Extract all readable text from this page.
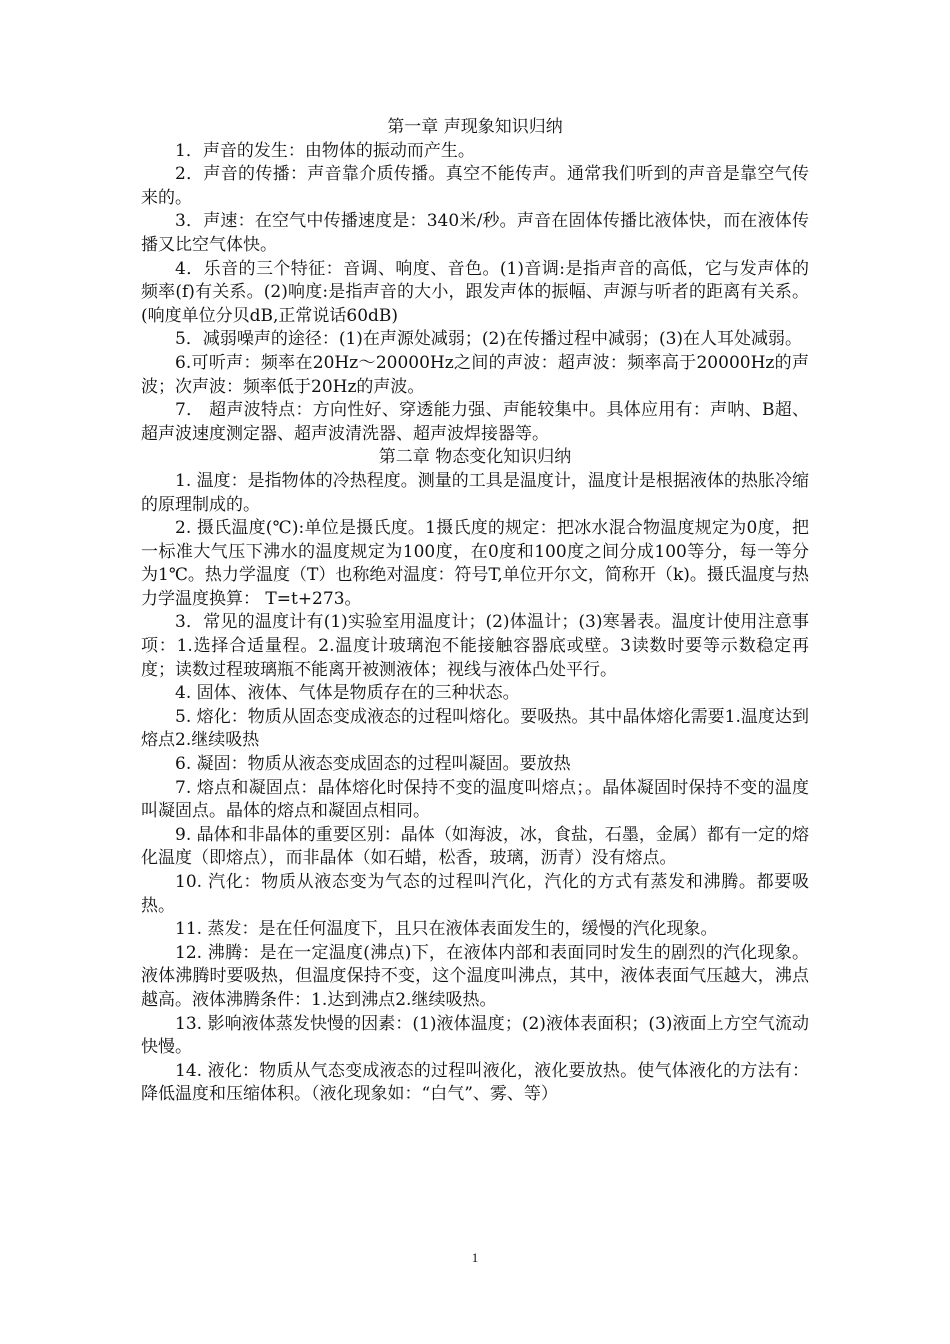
第一章 声现象知识归纳

1．声音的发生：由物体的振动而产生。

2．声音的传播：声音靠介质传播。真空不能传声。通常我们听到的声音是靠空气传来的。

3．声速：在空气中传播速度是：340米/秒。声音在固体传播比液体快，而在液体传播又比空气体快。

4．乐音的三个特征：音调、响度、音色。(1)音调:是指声音的高低，它与发声体的频率(f)有关系。(2)响度:是指声音的大小，跟发声体的振幅、声源与听者的距离有关系。(响度单位分贝dB,正常说话60dB)

5．减弱噪声的途径：(1)在声源处减弱；(2)在传播过程中减弱；(3)在人耳处减弱。

6.可听声：频率在20Hz～20000Hz之间的声波：超声波：频率高于20000Hz的声波；次声波：频率低于20Hz的声波。

7． 超声波特点：方向性好、穿透能力强、声能较集中。具体应用有：声呐、B超、超声波速度测定器、超声波清洗器、超声波焊接器等。

第二章 物态变化知识归纳

1. 温度：是指物体的冷热程度。测量的工具是温度计，温度计是根据液体的热胀冷缩的原理制成的。

2. 摄氏温度(℃):单位是摄氏度。1摄氏度的规定：把冰水混合物温度规定为0度，把一标准大气压下沸水的温度规定为100度，在0度和100度之间分成100等分，每一等分为1℃。热力学温度（T）也称绝对温度：符号T,单位开尔文，简称开（k)。摄氏温度与热力学温度换算： T=t+273。

3．常见的温度计有(1)实验室用温度计；(2)体温计；(3)寒暑表。温度计使用注意事项：1.选择合适量程。2.温度计玻璃泡不能接触容器底或壁。3读数时要等示数稳定再度；读数过程玻璃瓶不能离开被测液体；视线与液体凸处平行。

4. 固体、液体、气体是物质存在的三种状态。

5. 熔化：物质从固态变成液态的过程叫熔化。要吸热。其中晶体熔化需要1.温度达到熔点2.继续吸热

6. 凝固：物质从液态变成固态的过程叫凝固。要放热

7. 熔点和凝固点：晶体熔化时保持不变的温度叫熔点；。晶体凝固时保持不变的温度叫凝固点。晶体的熔点和凝固点相同。

9. 晶体和非晶体的重要区别：晶体（如海波，冰，食盐，石墨，金属）都有一定的熔化温度（即熔点），而非晶体（如石蜡，松香，玻璃，沥青）没有熔点。

10. 汽化：物质从液态变为气态的过程叫汽化，汽化的方式有蒸发和沸腾。都要吸热。

11. 蒸发：是在任何温度下，且只在液体表面发生的，缓慢的汽化现象。

12. 沸腾：是在一定温度(沸点)下，在液体内部和表面同时发生的剧烈的汽化现象。液体沸腾时要吸热，但温度保持不变，这个温度叫沸点，其中，液体表面气压越大，沸点越高。液体沸腾条件：1.达到沸点2.继续吸热。

13. 影响液体蒸发快慢的因素：(1)液体温度；(2)液体表面积；(3)液面上方空气流动快慢。

14. 液化：物质从气态变成液态的过程叫液化，液化要放热。使气体液化的方法有：降低温度和压缩体积。（液化现象如：“白气”、雾、等）

1
